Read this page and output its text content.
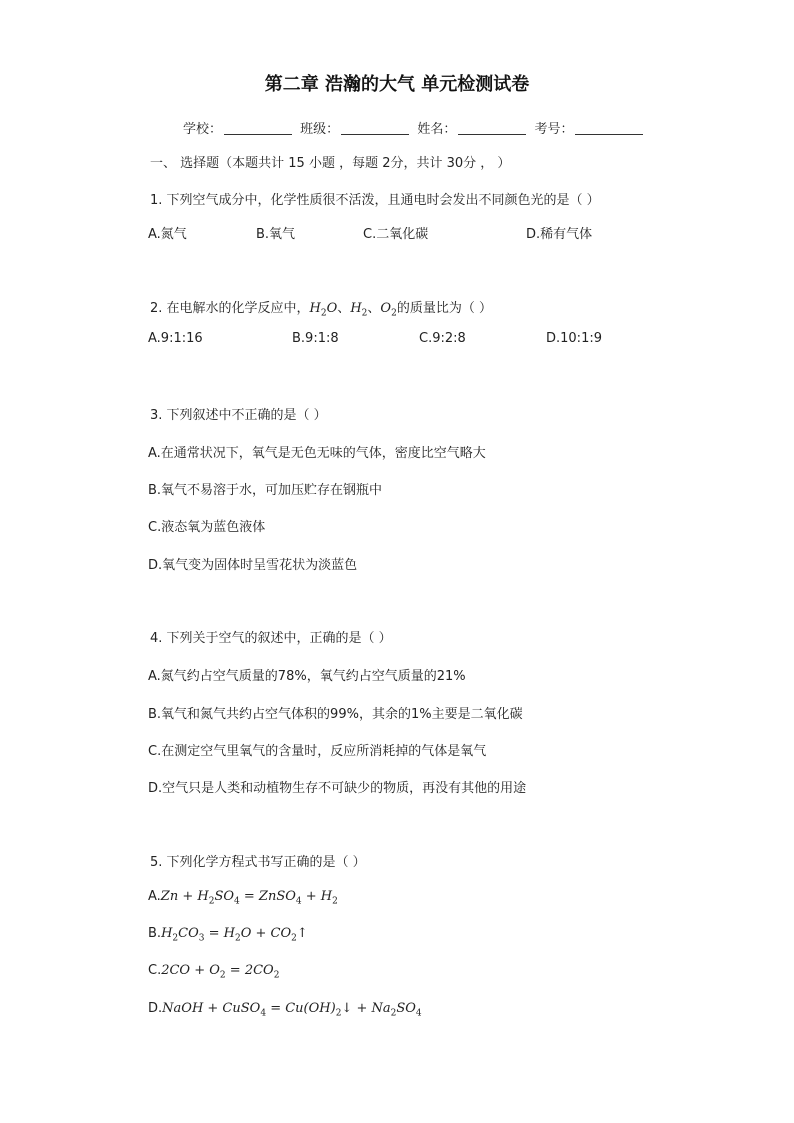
第二章 浩瀚的大气 单元检测试卷
学校：	班级：	姓名：	考号：
一、 选择题（本题共计 15 小题 ，每题 2分，共计 30分 ， ）
1. 下列空气成分中，化学性质很不活泼，且通电时会发出不同颜色光的是（ ）
A.氮气	B.氧气	C.二氧化碳	D.稀有气体
2. 在电解水的化学反应中，$H_2O$、$H_2$、$O_2$的质量比为（ ）
A.9:1:16	B.9:1:8	C.9:2:8	D.10:1:9
3. 下列叙述中不正确的是（ ）
A.在通常状况下，氧气是无色无味的气体，密度比空气略大
B.氧气不易溶于水，可加压贮存在钢瓶中
C.液态氧为蓝色液体
D.氧气变为固体时呈雪花状为淡蓝色
4. 下列关于空气的叙述中，正确的是（ ）
A.氮气约占空气质量的78%，氧气约占空气质量的21%
B.氧气和氮气共约占空气体积的99%，其余的1%主要是二氧化碳
C.在测定空气里氧气的含量时，反应所消耗掉的气体是氧气
D.空气只是人类和动植物生存不可缺少的物质，再没有其他的用途
5. 下列化学方程式书写正确的是（ ）
$A.Zn + H_2SO_4$ = ZnSO$_4$ + $H_2$
$B.H_2CO_3 = H_2O$ + $CO_2↑$
$C.2CO + O_2 = 2CO_2$
D.NaOH + CuSO$_4$ = $Cu(OH)_2↓ + Na_2SO_4$
